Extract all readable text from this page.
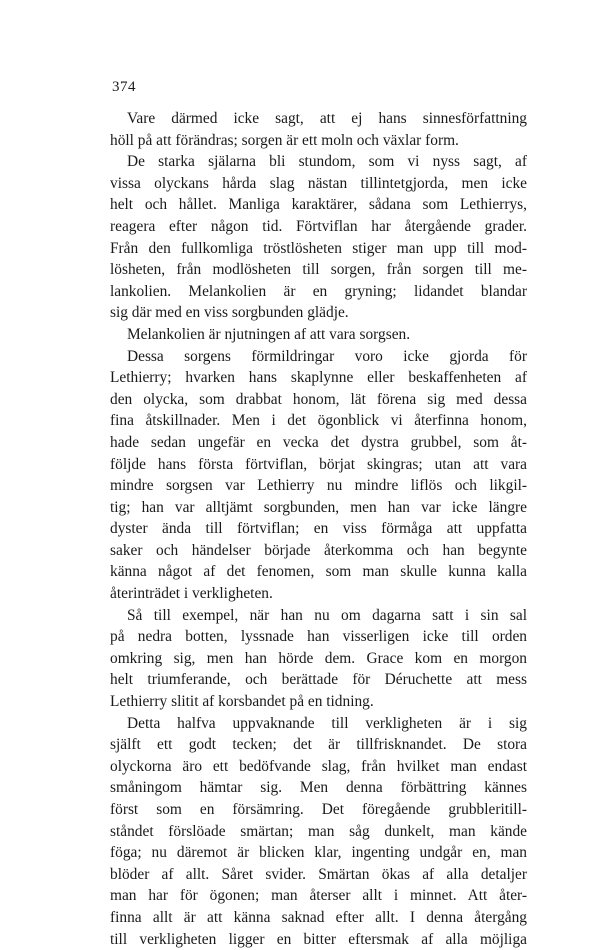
374
Vare därmed icke sagt, att ej hans sinnesförfattning
höll på att förändras; sorgen är ett moln och växlar form.
De starka själarna bli stundom, som vi nyss sagt, af
vissa olyckans hårda slag nästan tillintetgjorda, men icke
helt och hållet. Manliga karaktärer, sådana som Lethierrys,
reagera efter någon tid. Förtviflan har återgående grader.
Från den fullkomliga tröstlösheten stiger man upp till mod-
lösheten, från modlösheten till sorgen, från sorgen till me-
lankolien. Melankolien är en gryning; lidandet blandar
sig där med en viss sorgbunden glädje.
Melankolien är njutningen af att vara sorgsen.
Dessa sorgens förmildringar voro icke gjorda för
Lethierry; hvarken hans skaplynne eller beskaffenheten af
den olycka, som drabbat honom, lät förena sig med dessa
fina åtskillnader. Men i det ögonblick vi återfinna honom,
hade sedan ungefär en vecka det dystra grubbel, som åt-
följde hans första förtviflan, börjat skingras; utan att vara
mindre sorgsen var Lethierry nu mindre liflös och likgil-
tig; han var alltjämt sorgbunden, men han var icke längre
dyster ända till förtviflan; en viss förmåga att uppfatta
saker och händelser började återkomma och han begynte
känna något af det fenomen, som man skulle kunna kalla
återinträdet i verkligheten.
Så till exempel, när han nu om dagarna satt i sin sal
på nedra botten, lyssnade han visserligen icke till orden
omkring sig, men han hörde dem. Grace kom en morgon
helt triumferande, och berättade för Déruchette att mess
Lethierry slitit af korsbandet på en tidning.
Detta halfva uppvaknande till verkligheten är i sig
själft ett godt tecken; det är tillfrisknandet. De stora
olyckorna äro ett bedöfvande slag, från hvilket man endast
småningom hämtar sig. Men denna förbättring kännes
först som en försämring. Det föregående grubbleritill-
ståndet förslöade smärtan; man såg dunkelt, man kände
föga; nu däremot är blicken klar, ingenting undgår en, man
blöder af allt. Såret svider. Smärtan ökas af alla detaljer
man har för ögonen; man återser allt i minnet. Att åter-
finna allt är att känna saknad efter allt. I denna återgång
till verkligheten ligger en bitter eftersmak af alla möjliga
